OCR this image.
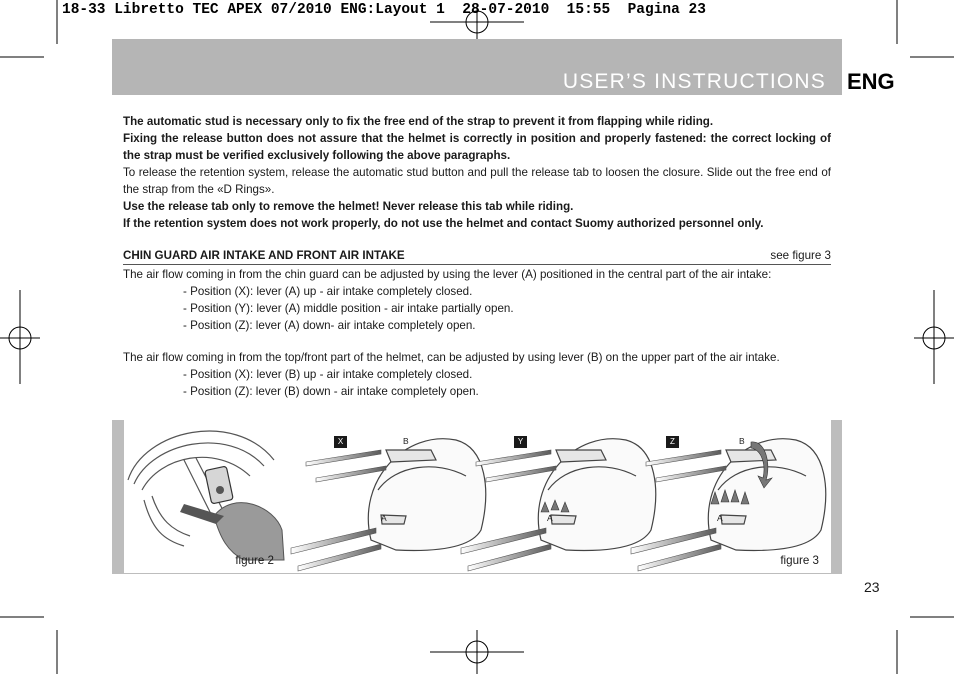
18-33 Libretto TEC APEX 07/2010 ENG:Layout 1  28-07-2010  15:55  Pagina 23
USER’S INSTRUCTIONS ENG

The automatic stud is necessary only to fix the free end of the strap to prevent it from flapping while riding.

Fixing the release button does not assure that the helmet is correctly in position and properly fastened: the correct locking of the strap must be verified exclusively following the above paragraphs.

To release the retention system, release the automatic stud button and pull the release tab to loosen the closure. Slide out the free end of the strap from the «D Rings».

Use the release tab only to remove the helmet! Never release this tab while riding.

If the retention system does not work properly, do not use the helmet and contact Suomy authorized personnel only.

CHIN GUARD AIR INTAKE AND FRONT AIR INTAKE	see figure 3

The air flow coming in from the chin guard can be adjusted by using the lever (A) positioned in the central part of the air intake:

- Position (X): lever (A) up - air intake completely closed.

- Position (Y): lever (A) middle position - air intake partially open.

- Position (Z): lever (A) down- air intake completely open.

The air flow coming in from the top/front part of the helmet, can be adjusted by using lever (B) on the upper part of the air intake.

- Position (X): lever (B) up - air intake completely closed.

- Position (Z): lever (B) down - air intake completely open.

figure 2
X	Y	Z
B	B
A	A	A
figure 3
23
